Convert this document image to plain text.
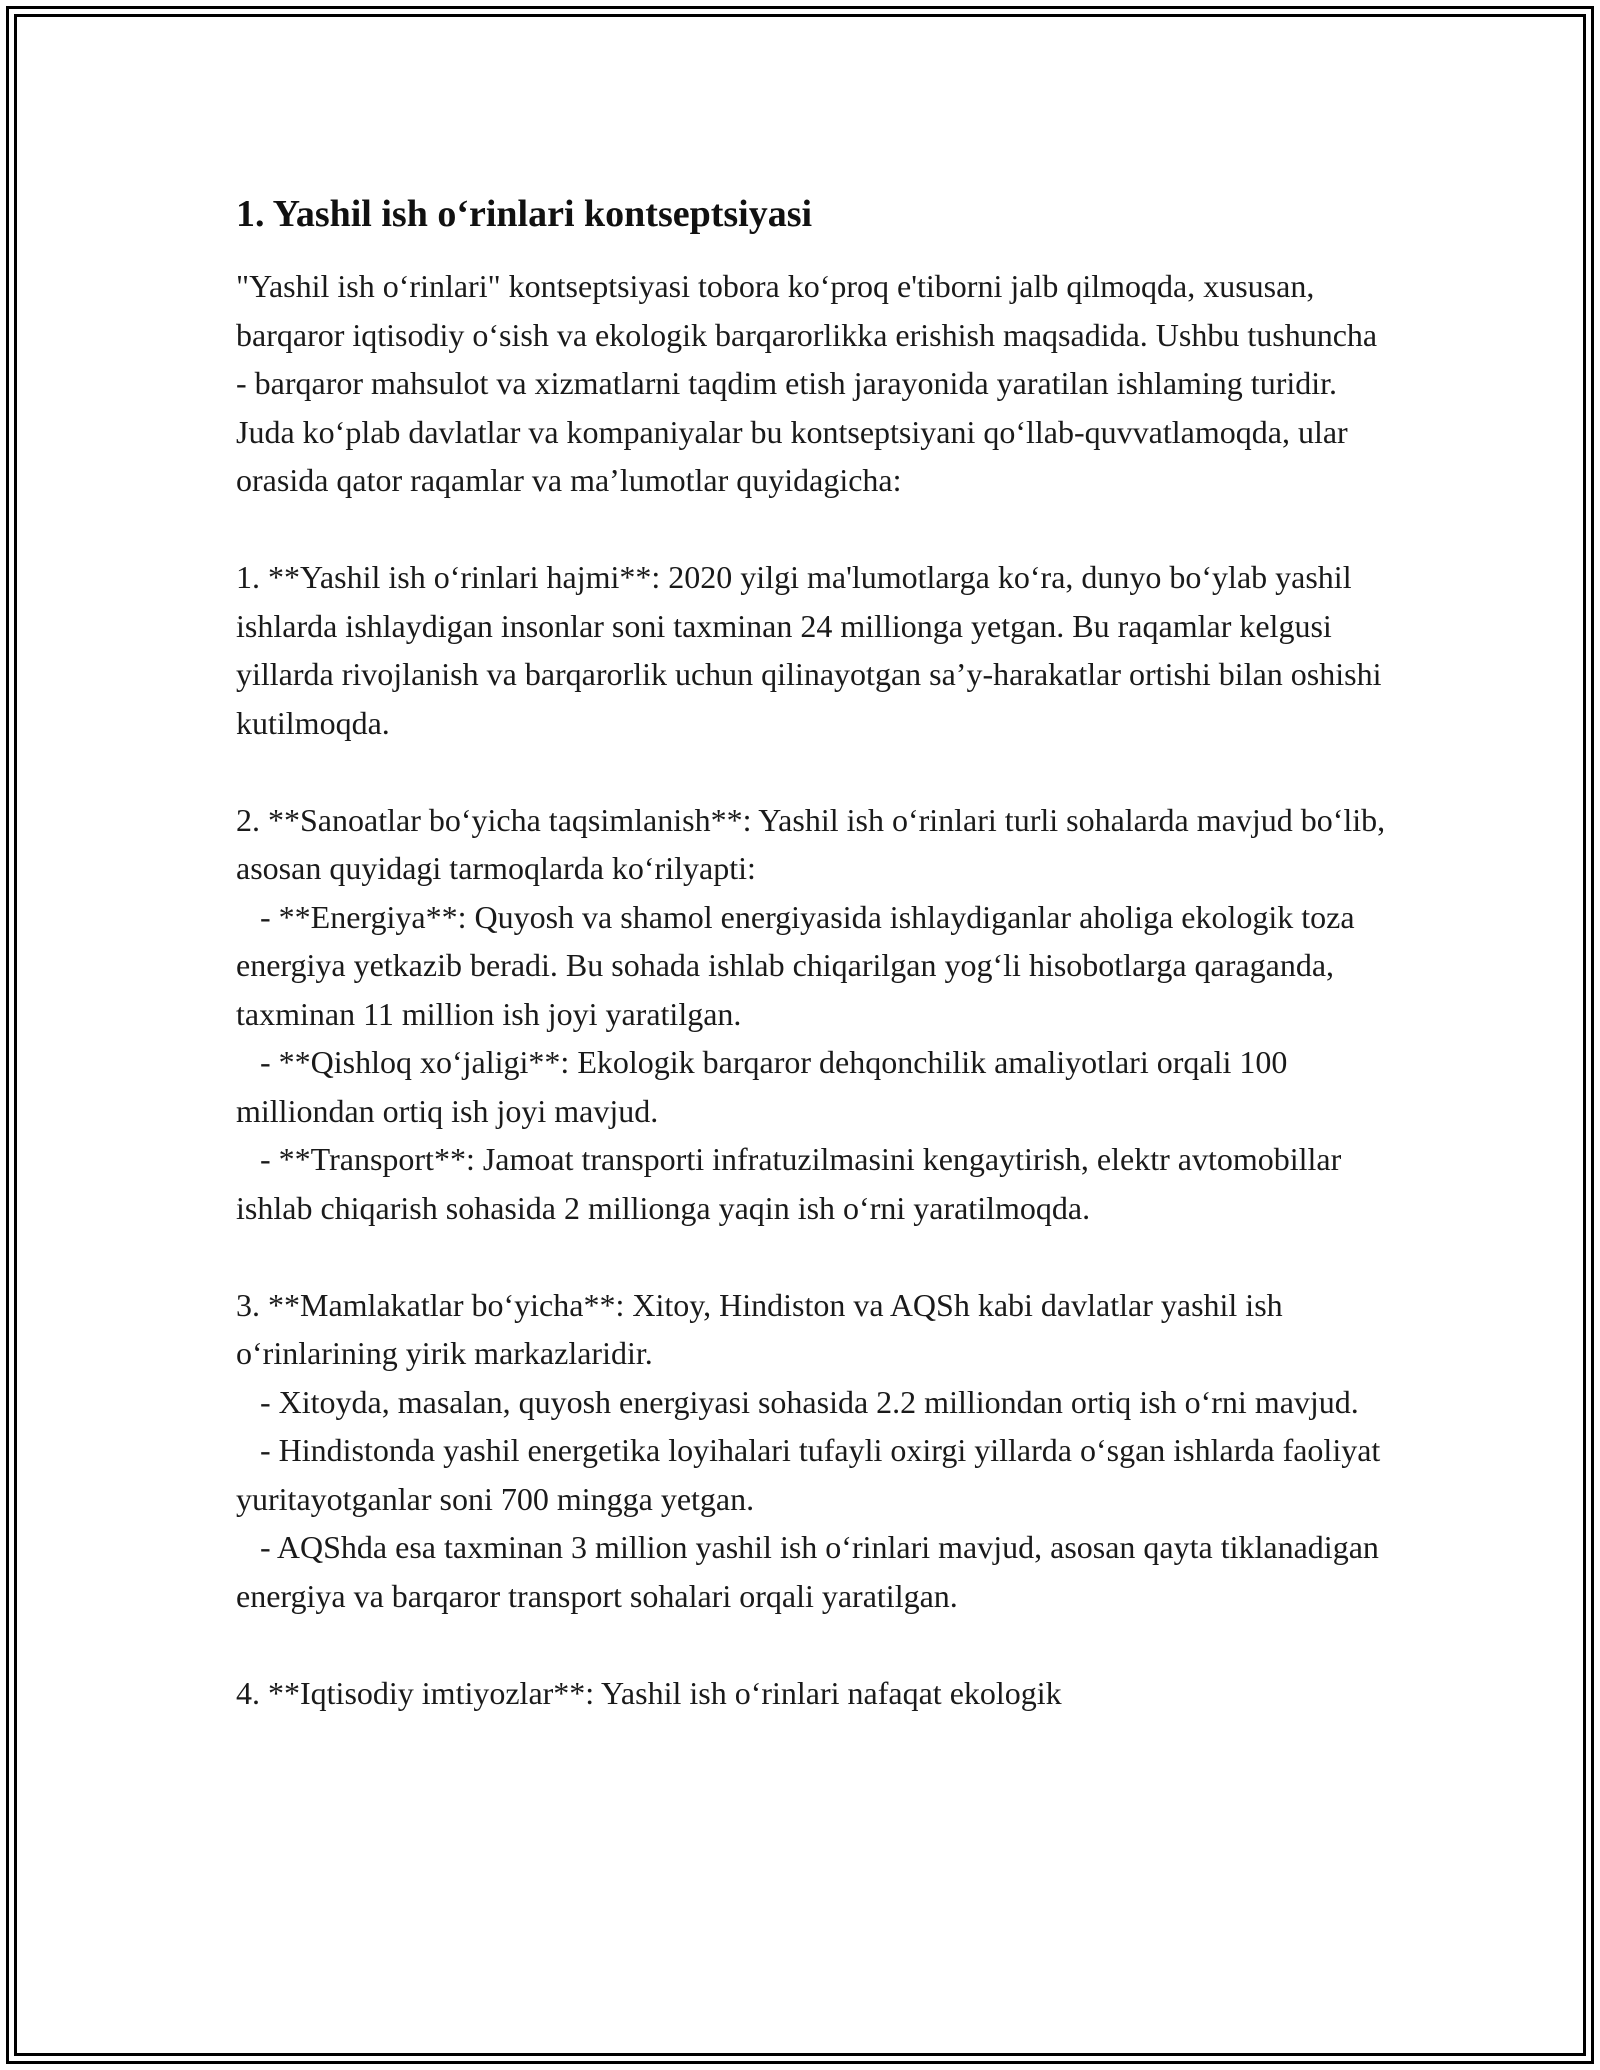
1. Yashil ish o‘rinlari kontseptsiyasi

"Yashil ish o‘rinlari" kontseptsiyasi tobora ko‘proq e'tiborni jalb qilmoqda, xususan, barqaror iqtisodiy o‘sish va ekologik barqarorlikka erishish maqsadida. Ushbu tushuncha - barqaror mahsulot va xizmatlarni taqdim etish jarayonida yaratilan ishlaming turidir. Juda ko‘plab davlatlar va kompaniyalar bu kontseptsiyani qo‘llab-quvvatlamoqda, ular orasida qator raqamlar va ma’lumotlar quyidagicha:

1. **Yashil ish o‘rinlari hajmi**: 2020 yilgi ma'lumotlarga ko‘ra, dunyo bo‘ylab yashil ishlarda ishlaydigan insonlar soni taxminan 24 millionga yetgan. Bu raqamlar kelgusi yillarda rivojlanish va barqarorlik uchun qilinayotgan sa’y-harakatlar ortishi bilan oshishi kutilmoqda.

2. **Sanoatlar bo‘yicha taqsimlanish**: Yashil ish o‘rinlari turli sohalarda mavjud bo‘lib, asosan quyidagi tarmoqlarda ko‘rilyapti:
- **Energiya**: Quyosh va shamol energiyasida ishlaydiganlar aholiga ekologik toza energiya yetkazib beradi. Bu sohada ishlab chiqarilgan yog‘li hisobotlarga qaraganda, taxminan 11 million ish joyi yaratilgan.
- **Qishloq xo‘jaligi**: Ekologik barqaror dehqonchilik amaliyotlari orqali 100 milliondan ortiq ish joyi mavjud.
- **Transport**: Jamoat transporti infratuzilmasini kengaytirish, elektr avtomobillar ishlab chiqarish sohasida 2 millionga yaqin ish o‘rni yaratilmoqda.

3. **Mamlakatlar bo‘yicha**: Xitoy, Hindiston va AQSh kabi davlatlar yashil ish o‘rinlarining yirik markazlaridir.
- Xitoyda, masalan, quyosh energiyasi sohasida 2.2 milliondan ortiq ish o‘rni mavjud.
- Hindistonda yashil energetika loyihalari tufayli oxirgi yillarda o‘sgan ishlarda faoliyat yuritayotganlar soni 700 mingga yetgan.
- AQShda esa taxminan 3 million yashil ish o‘rinlari mavjud, asosan qayta tiklanadigan energiya va barqaror transport sohalari orqali yaratilgan.

4. **Iqtisodiy imtiyozlar**: Yashil ish o‘rinlari nafaqat ekologik
